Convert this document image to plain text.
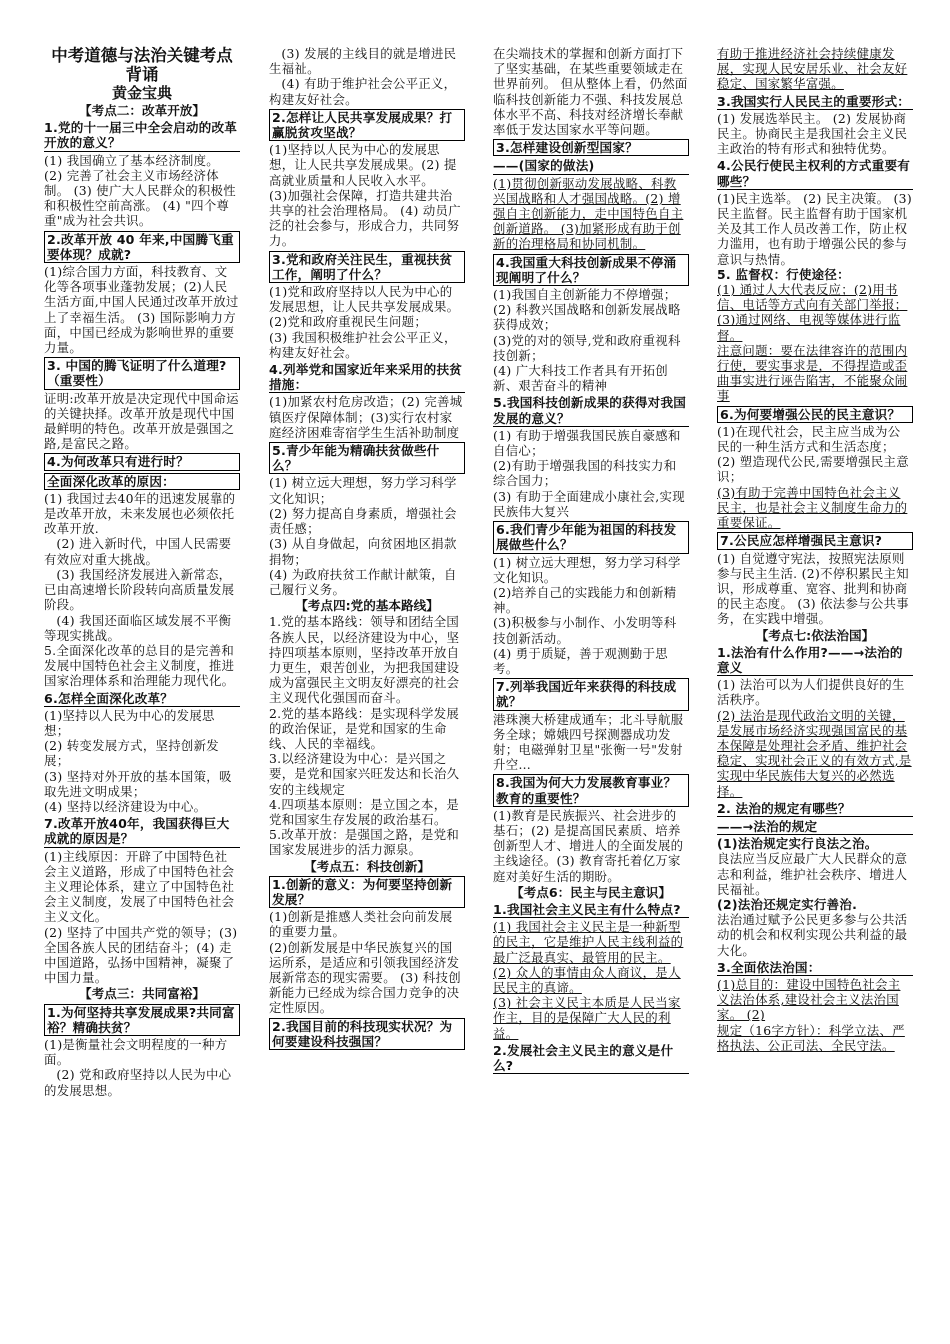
中考道德与法治关键考点背诵
黄金宝典
【考点二：改革开放】
1.党的十一届三中全会启动的改革开放的意义？
(1) 我国确立了基本经济制度。 (2) 完善了社会主义市场经济体制。 (3) 使广大人民群众的积极性和积极性空前高涨。 (4) "四个尊重"成为社会共识。
2.改革开放 40 年来,中国腾飞重要体现？成就?
(1)综合国力方面，科技教育、文化等各项事业蓬勃发展；(2)人民生活方面,中国人民通过改革开放过上了幸福生活。 (3) 国际影响力方面，中国已经成为影响世界的重要力量。
3. 中国的腾飞证明了什么道理?（重要性）
证明:改革开放是决定现代中国命运的关键抉择。改革开放是现代中国最鲜明的特色。改革开放是强国之路,是富民之路。
4.为何改革只有进行时？
全面深化改革的原因：
(1) 我国过去40年的迅速发展靠的是改革开放，未来发展也必须依托改革开放.
(2) 进入新时代，中国人民需要有效应对重大挑战。
(3) 我国经济发展进入新常态，已由高速增长阶段转向高质量发展阶段。
(4) 我国还面临区域发展不平衡等现实挑战。
5.全面深化改革的总目的是完善和发展中国特色社会主义制度，推进国家治理体系和治理能力现代化。
6.怎样全面深化改革？
(1)坚持以人民为中心的发展思想；
(2) 转变发展方式，坚持创新发展；
(3) 坚持对外开放的基本国策，吸取先进文明成果；
(4) 坚持以经济建设为中心。
7.改革开放40年，我国获得巨大成就的原因是？
(1)主线原因：开辟了中国特色社会主义道路，形成了中国特色社会主义理论体系，建立了中国特色社会主义制度，发展了中国特色社会主义文化。
(2) 坚持了中国共产党的领导；(3) 全国各族人民的团结奋斗；(4) 走中国道路，弘扬中国精神，凝聚了中国力量。
【考点三：共同富裕】
1.为何坚持共享发展成果?共同富裕？精确扶贫？
(1)是衡量社会文明程度的一种方面。
(2) 党和政府坚持以人民为中心的发展思想。
(3) 发展的主线目的就是增进民生福祉。
(4) 有助于维护社会公平正义，构建友好社会。
2.怎样让人民共享发展成果？打赢脱贫攻坚战？
(1)坚持以人民为中心的发展思想，让人民共享发展成果。(2) 提高就业质量和人民收入水平。
(3)加强社会保障，打造共建共治共享的社会治理格局。 (4) 动员广泛的社会参与，形成合力，共同努力。
3.党和政府关注民生，重视扶贫工作，阐明了什么？
(1)党和政府坚持以人民为中心的发展思想，让人民共享发展成果。(2)党和政府重视民生问题；
(3) 我国积极维护社会公平正义，构建友好社会。
4.列举党和国家近年来采用的扶贫措施：
(1)加紧农村危房改造；(2) 完善城镇医疗保障体制；(3)实行农村家庭经济困难寄宿学生生活补助制度
5.青少年能为精确扶贫做些什么？
(1) 树立远大理想，努力学习科学文化知识；
(2) 努力提高自身素质，增强社会责任感；
(3) 从自身做起，向贫困地区捐款捐物；
(4) 为政府扶贫工作献计献策，自己履行义务。
【考点四:党的基本路线】
1.党的基本路线：领导和团结全国各族人民，以经济建设为中心，坚持四项基本原则，坚持改革开放自力更生，艰苦创业，为把我国建设成为富强民主文明友好漂亮的社会主义现代化强国而奋斗。
2.党的基本路线：是实现科学发展的政治保证，是党和国家的生命线、人民的幸福线。
3.以经济建设为中心：是兴国之要，是党和国家兴旺发达和长治久安的主线规定
4.四项基本原则：是立国之本，是党和国家生存发展的政治基石。
5.改革开放：是强国之路，是党和国家发展进步的活力源泉。
【考点五：科技创新】
1.创新的意义：为何要坚持创新发展？
(1)创新是推感人类社会向前发展的重要力量。
(2)创新发展是中华民族复兴的国运所系，是适应和引领我国经济发展新常态的现实需要。 (3) 科技创新能力已经成为综合国力竞争的决定性原因。
2.我国目前的科技现实状况？为何要建设科技强国？
在尖端技术的掌握和创新方面打下了坚实基础，在某些重要领域走在世界前列。 但从整体上看，仍然面临科技创新能力不强、科技发展总体水平不高、科技对经济增长奉献率低于发达国家水平等问题。
3.怎样建设创新型国家？
——(国家的做法)
(1)贯彻创新驱动发展战略、科教兴国战略和人才强国战略。(2) 增强自主创新能力，走中国特色自主创新道路。 (3)加紧形成有助于创新的治理格局和协同机制。
4.我国重大科技创新成果不停涌现阐明了什么？
(1)我国自主创新能力不停增强；
(2) 科教兴国战略和创新发展战略获得成效；
(3)党的对的领导,党和政府重视科技创新；
(4) 广大科技工作者具有开拓创新、艰苦奋斗的精神
5.我国科技创新成果的获得对我国发展的意义？
(1) 有助于增强我国民族自豪感和自信心；
(2)有助于增强我国的科技实力和综合国力；
(3) 有助于全面建成小康社会,实现民族伟大复兴
6.我们青少年能为祖国的科技发展做些什么？
(1) 树立远大理想，努力学习科学文化知识。
(2)培养自己的实践能力和创新精神。
(3)积极参与小制作、小发明等科技创新活动。
(4) 勇于质疑，善于观测勤于思考。
7.列举我国近年来获得的科技成就？
港珠澳大桥建成通车；北斗导航服务全球；嫦娥四号探测器成功发射；电磁弹射卫星"张衡一号"发射升空…
8.我国为何大力发展教育事业？教育的重要性？
(1)教育是民族振兴、社会进步的基石；(2) 是提高国民素质、培养创新型人才、增进人的全面发展的主线途径。(3) 教育寄托着亿万家庭对美好生活的期盼。
【考点6：民主与民主意识】
1.我国社会主义民主有什么特点?
(1) 我国社会主义民主是一种新型的民主，它是维护人民主线利益的最广泛最真实、最管用的民主。
(2) 众人的事情由众人商议，是人民民主的真谛。
(3) 社会主义民主本质是人民当家作主，目的是保障广大人民的利益。
2.发展社会主义民主的意义是什么?
有助于推进经济社会持续健康发展，实现人民安居乐业、社会友好稳定、国家繁华富强。
3.我国实行人民民主的重要形式：
(1) 发展选举民主。 (2) 发展协商民主。协商民主是我国社会主义民主政治的特有形式和独特优势。
4.公民行使民主权利的方式重要有哪些？
(1)民主选举。 (2) 民主决策。 (3) 民主监督。民主监督有助于国家机关及其工作人员改善工作，防止权力滥用，也有助于增强公民的参与意识与热情。
5. 监督权：行使途径：
(1) 通过人大代表反应；(2)用书信、电话等方式向有关部门举报；(3)通过网络、电视等媒体进行监督。
注意问题：要在法律容许的范围内行使，要实事求是，不得捏造或歪曲事实进行诬告陷害，不能聚众闹事
6.为何要增强公民的民主意识？
(1)在现代社会，民主应当成为公民的一种生活方式和生活态度；(2) 塑造现代公民,需要增强民主意识；
(3)有助于完善中国特色社会主义民主，也是社会主义制度生命力的重要保证。
7.公民应怎样增强民主意识?
(1) 自觉遵守宪法，按照宪法原则参与民主生活. (2)不停积累民主知识，形成尊重、宽容、批判和协商的民主态度。 (3) 依法参与公共事务，在实践中增强。
【考点七:依法治国】
1.法治有什么作用?——→法治的意义
(1) 法治可以为人们提供良好的生活秩序。
(2) 法治是现代政治文明的关键，是发展市场经济实现强国富民的基本保障是处理社会矛盾、维护社会稳定、实现社会正义的有效方式,是实现中华民族伟大复兴的必然选择。
2. 法治的规定有哪些？
——→法治的规定
(1)法治规定实行良法之治。
良法应当反应最广大人民群众的意志和利益，维护社会秩序、增进人民福祉。
(2)法治还规定实行善治.
法治通过赋予公民更多参与公共活动的机会和权利实现公共利益的最大化。
3.全面依法治国：
(1)总目的：建设中国特色社会主义法治体系,建设社会主义法治国家。 (2)
规定（16字方针）：科学立法、严格执法、公正司法、全民守法。
